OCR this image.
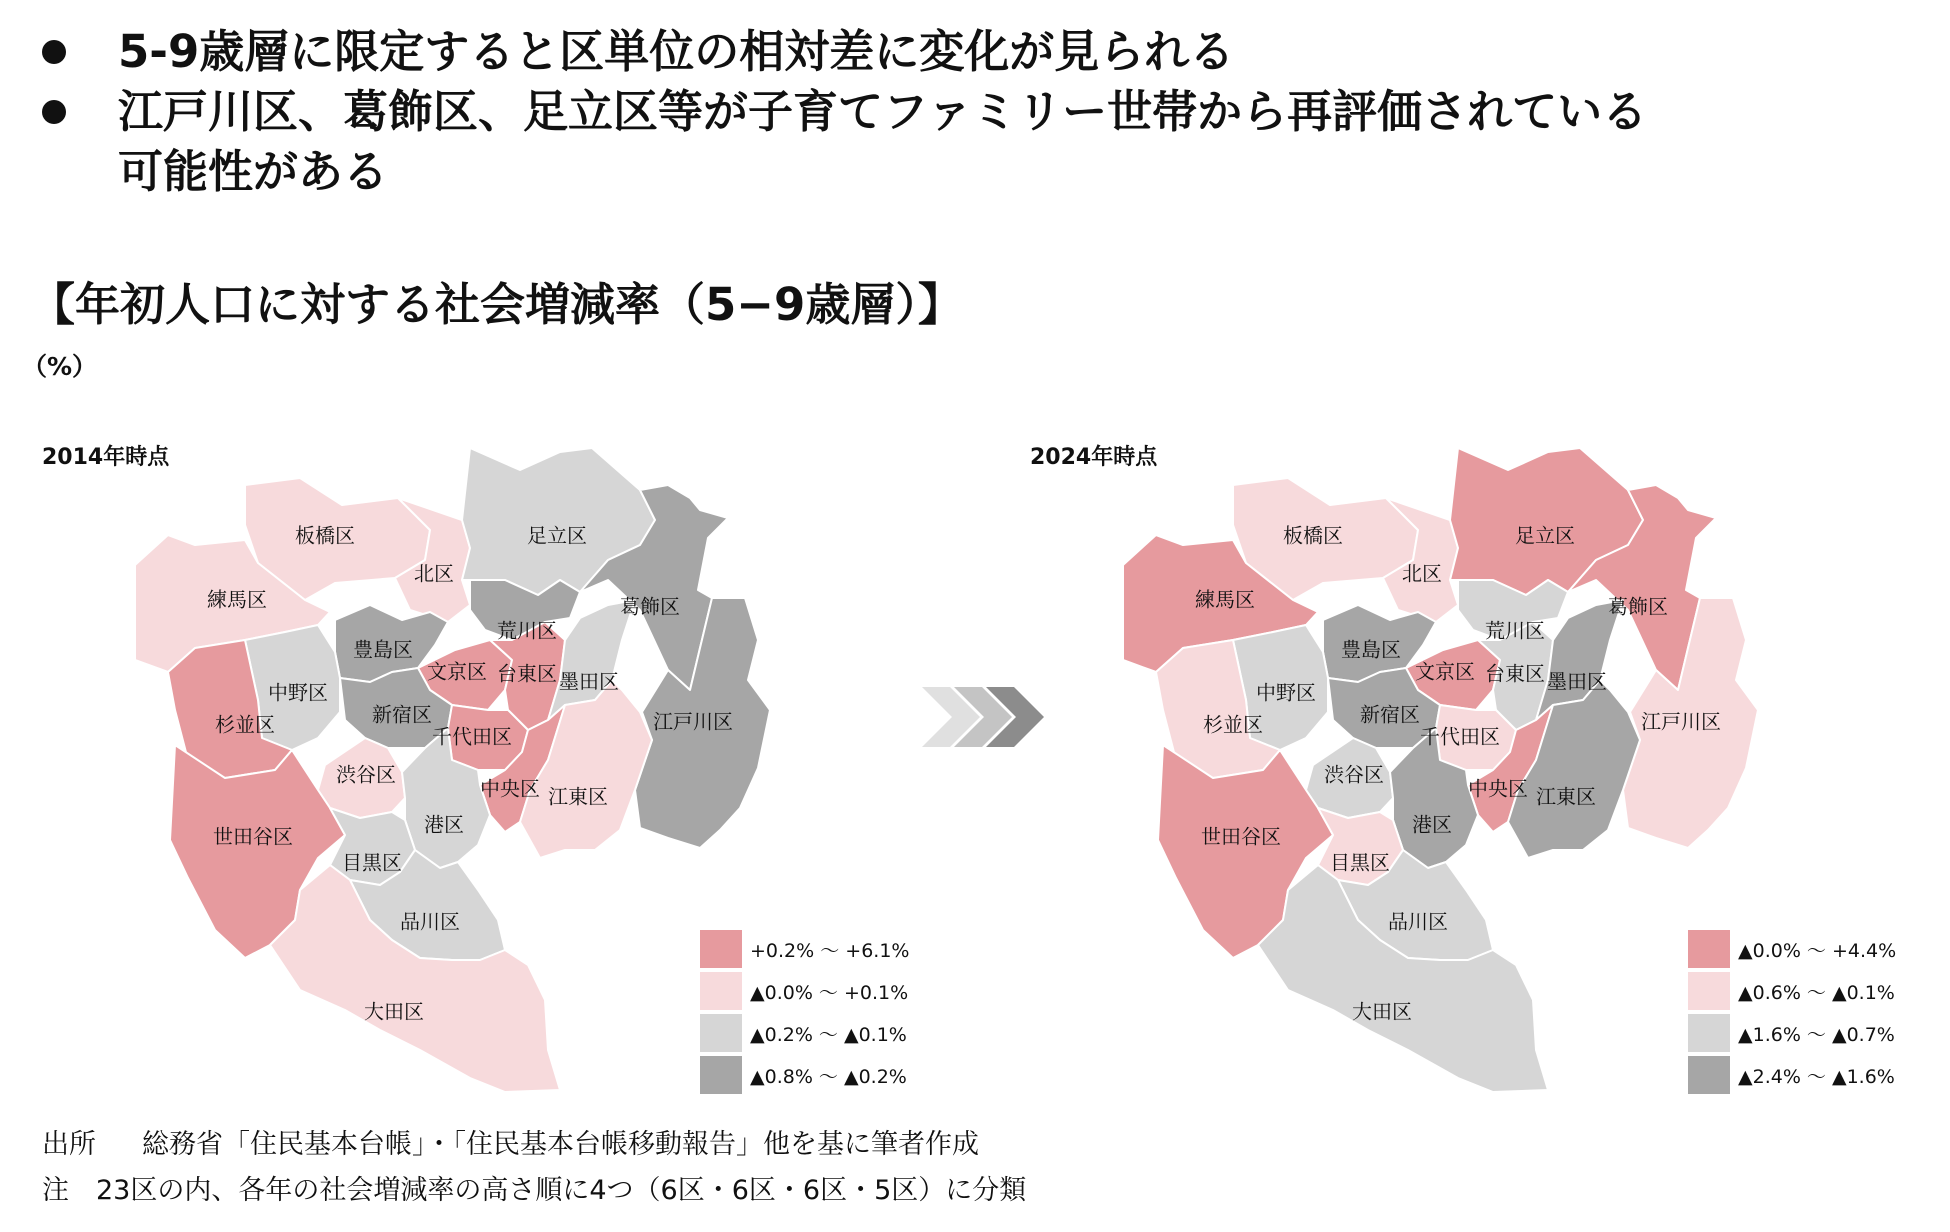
5-9歳層に限定すると区単位の相対差に変化が見られる
江戸川区、葛飾区、足立区等が子育てファミリー世帯から再評価されている
可能性がある
【年初人口に対する社会増減率（5−9歳層）】
（%）
2014年時点	2024年時点
板橋区
練馬区
北区
足立区
葛飾区
豊島区
荒川区
文京区 台東区 墨田区
中野区
新宿区
杉並区	千代田区
江戸川区
渋谷区
中央区 江東区
港区
世田谷区
目黒区
品川区
大田区
板橋区
練馬区
北区
足立区
葛飾区
豊島区
荒川区
文京区 台東区 墨田区
中野区
新宿区
杉並区	千代田区
江戸川区
渋谷区
中央区 江東区
港区
世田谷区
目黒区
品川区
大田区
+0.2% 〜 +6.1%
▲0.0% 〜 +0.1%
▲0.2% 〜 ▲0.1%
▲0.8% 〜 ▲0.2%
▲0.0% 〜 +4.4%
▲0.6% 〜 ▲0.1%
▲1.6% 〜 ▲0.7%
▲2.4% 〜 ▲1.6%
出所 総務省「住民基本台帳」・「住民基本台帳移動報告」他を基に筆者作成
注　 23区の内、各年の社会増減率の高さ順に4つ（6区・6区・6区・5区）に分類
